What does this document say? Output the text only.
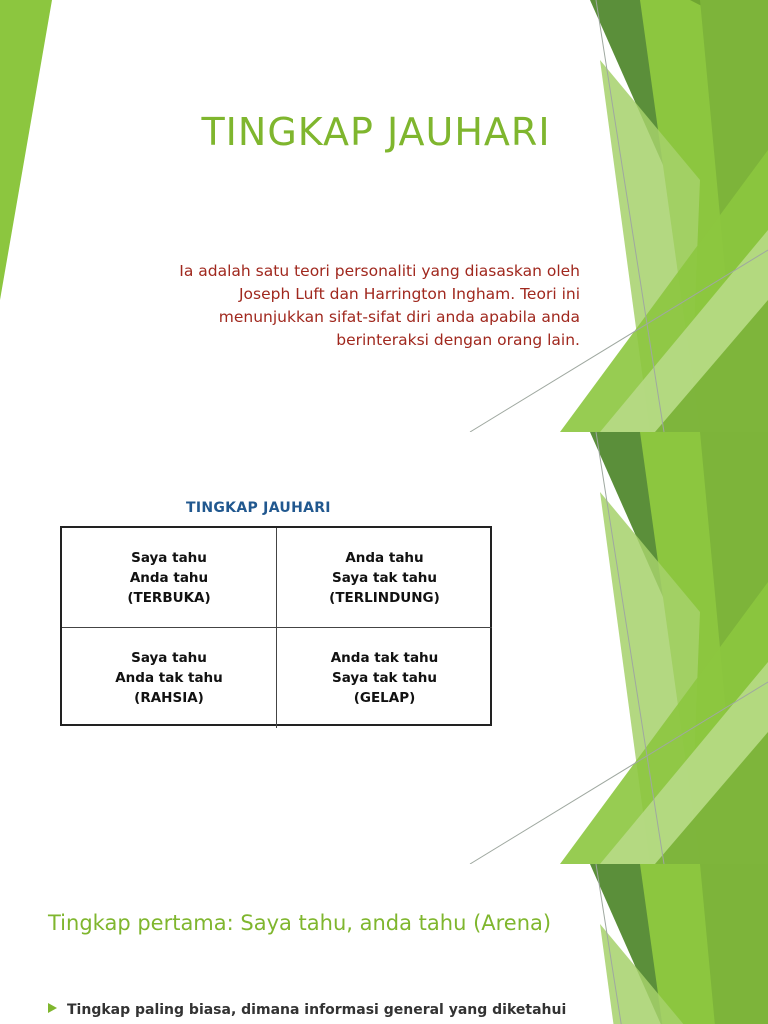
TINGKAP JAUHARI
Ia adalah satu teori personaliti yang diasaskan oleh
Joseph Luft dan Harrington Ingham. Teori ini
menunjukkan sifat-sifat diri anda apabila anda
berinteraksi dengan orang lain.
TINGKAP JAUHARI
Saya tahu
Anda tahu
(TERBUKA)
Anda tahu
Saya tak tahu
(TERLINDUNG)
Saya tahu
Anda tak tahu
(RAHSIA)
Anda tak tahu
Saya tak tahu
(GELAP)
Tingkap pertama: Saya tahu, anda tahu (Arena)
Tingkap paling biasa, dimana informasi general yang diketahui
